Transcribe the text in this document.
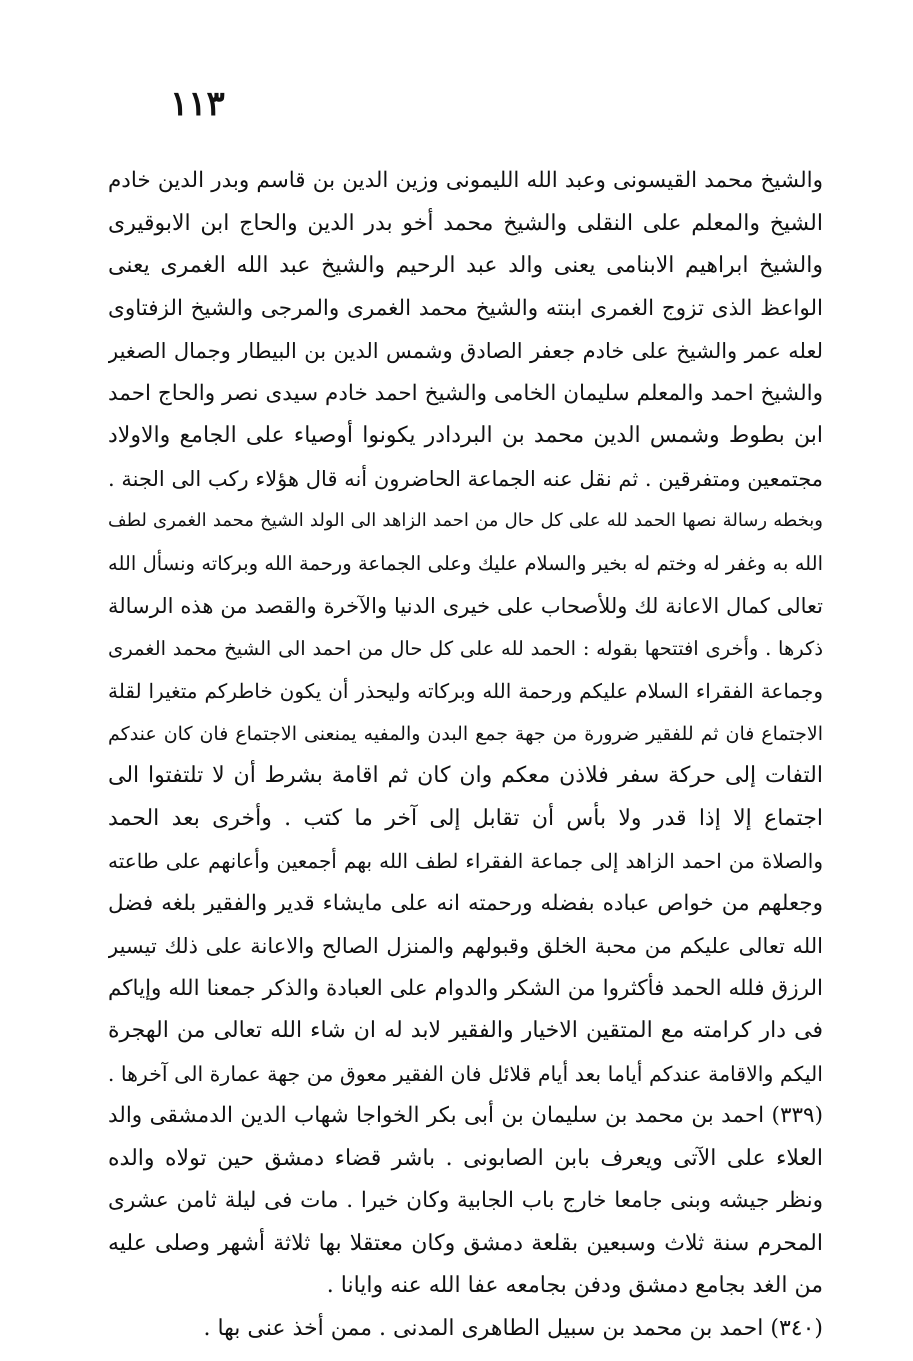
١١٣
والشيخ محمد القيسونى وعبد الله الليمونى وزين الدين بن قاسم وبدر الدين خادم
الشيخ والمعلم على النقلى والشيخ محمد أخو بدر الدين والحاج ابن الابوقيرى
والشيخ ابراهيم الابنامى يعنى والد عبد الرحيم والشيخ عبد الله الغمرى يعنى
الواعظ الذى تزوج الغمرى ابنته والشيخ محمد الغمرى والمرجى والشيخ الزفتاوى
لعله عمر والشيخ على خادم جعفر الصادق وشمس الدين بن البيطار وجمال الصغير
والشيخ احمد والمعلم سليمان الخامى والشيخ احمد خادم سيدى نصر والحاج احمد
ابن بطوط وشمس الدين محمد بن البردادر يكونوا أوصياء على الجامع والاولاد
مجتمعين ومتفرقين . ثم نقل عنه الجماعة الحاضرون أنه قال هؤلاء ركب الى الجنة .
وبخطه رسالة نصها الحمد لله على كل حال من احمد الزاهد الى الولد الشيخ محمد الغمرى لطف
الله به وغفر له وختم له بخير والسلام عليك وعلى الجماعة ورحمة الله وبركاته ونسأل الله
تعالى كمال الاعانة لك وللأصحاب على خيرى الدنيا والآخرة والقصد من هذه الرسالة
ذكرها . وأخرى افتتحها بقوله : الحمد لله على كل حال من احمد الى الشيخ محمد الغمرى
وجماعة الفقراء السلام عليكم ورحمة الله وبركاته وليحذر أن يكون خاطركم متغيرا لقلة
الاجتماع فان ثم للفقير ضرورة من جهة جمع البدن والمفيه يمنعنى الاجتماع فان كان عندكم
التفات إلى حركة سفر فلاذن معكم وان كان ثم اقامة بشرط أن لا تلتفتوا الى
اجتماع إلا إذا قدر ولا بأس أن تقابل إلى آخر ما كتب . وأخرى بعد الحمد
والصلاة من احمد الزاهد إلى جماعة الفقراء لطف الله بهم أجمعين وأعانهم على طاعته
وجعلهم من خواص عباده بفضله ورحمته انه على مايشاء قدير والفقير بلغه فضل
الله تعالى عليكم من محبة الخلق وقبولهم والمنزل الصالح والاعانة على ذلك تيسير
الرزق فلله الحمد فأكثروا من الشكر والدوام على العبادة والذكر جمعنا الله وإياكم
فى دار كرامته مع المتقين الاخيار والفقير لابد له ان شاء الله تعالى من الهجرة
اليكم والاقامة عندكم أياما بعد أيام قلائل فان الفقير معوق من جهة عمارة الى آخرها .
(٣٣٩) احمد بن محمد بن سليمان بن أبى بكر الخواجا شهاب الدين الدمشقى والد
العلاء على الآتى ويعرف بابن الصابونى . باشر قضاء دمشق حين تولاه والده
ونظر جيشه وبنى جامعا خارج باب الجابية وكان خيرا . مات فى ليلة ثامن عشرى
المحرم سنة ثلاث وسبعين بقلعة دمشق وكان معتقلا بها ثلاثة أشهر وصلى عليه
من الغد بجامع دمشق ودفن بجامعه عفا الله عنه وايانا .
(٣٤٠) احمد بن محمد بن سبيل الطاهرى المدنى . ممن أخذ عنى بها .
